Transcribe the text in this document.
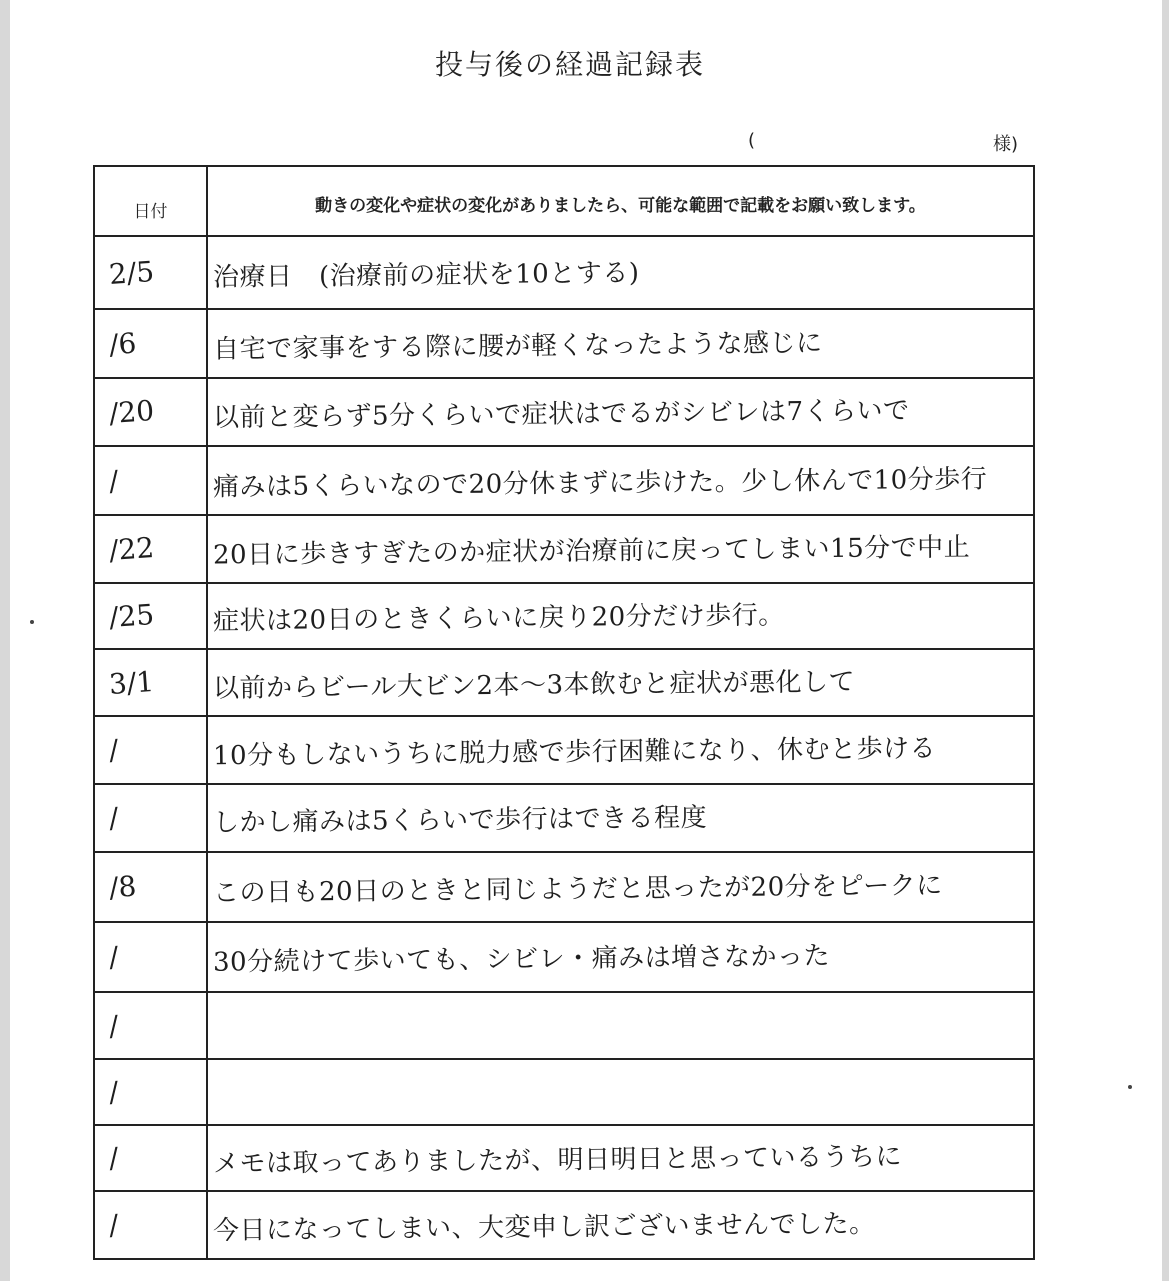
投与後の経過記録表
(	様)
日付	動きの変化や症状の変化がありましたら、可能な範囲で記載をお願い致します。
2/5 治療日　(治療前の症状を10とする)
/6	自宅で家事をする際に腰が軽くなったような感じに
/20 以前と変らず5分くらいで症状はでるがシビレは7くらいで
/	痛みは5くらいなので20分休まずに歩けた。少し休んで10分歩行
/22 20日に歩きすぎたのか症状が治療前に戻ってしまい15分で中止
/25 症状は20日のときくらいに戻り20分だけ歩行。
3/1 以前からビール大ビン2本〜3本飲むと症状が悪化して
/	10分もしないうちに脱力感で歩行困難になり、休むと歩ける
/	しかし痛みは5くらいで歩行はできる程度
/8	この日も20日のときと同じようだと思ったが20分をピークに
/	30分続けて歩いても、シビレ・痛みは増さなかった
/
/
/	メモは取ってありましたが、明日明日と思っているうちに
/	今日になってしまい、大変申し訳ございませんでした。
